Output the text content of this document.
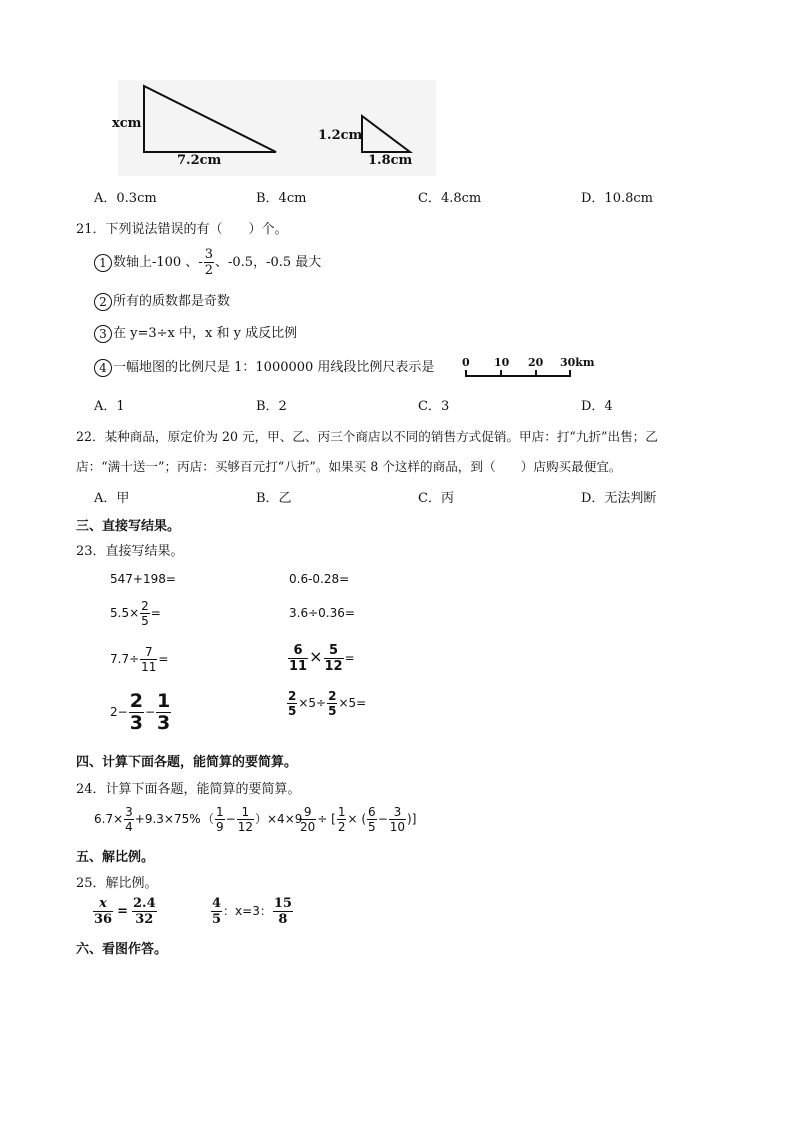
xcm
7.2cm
1.2cm
1.8cm
A．0.3cm	B．4cm	C．4.8cm	D．10.8cm
21．下列说法错误的有（　　）个。
1 数轴上-100 、- $\frac{3}{2}$ 、-0.5，-0.5 最大
2 所有的质数都是奇数
3 在 y=3÷x 中，x 和 y 成反比例
4 一幅地图的比例尺是 1：1000000 用线段比例尺表示是	0 10 20 30km
A．1	B．2	C．3	D．4
22．某种商品，原定价为 20 元，甲、乙、丙三个商店以不同的销售方式促销。甲店：打“九折”出售；乙
店：“满十送一”；丙店：买够百元打“八折”。如果买 8 个这样的商品，到（　　）店购买最便宜。
A．甲	B．乙	C．丙	D．无法判断
三、直接写结果。
23．直接写结果。
547+198=	0.6-0.28=
$5.5\times \frac{2}{5}$ =	3.6÷0.36=
$7.7\div \frac{7}{11}$ =	$\frac{6}{11} \times \frac{5}{12}$ =
$2- \frac{2}{3} - \frac{1}{3}$	$\frac{2}{5} \times 5\div \frac{2}{5} \times 5=$
四、计算下面各题，能简算的要简算。
24．计算下面各题，能简算的要简算。
$6.7\times \frac{3}{4} +9.3\times 75\%$ （ $\frac{1}{9} - \frac{1}{12} )\times 4\times 9$
$\frac{9}{20}$ ÷ [ $\frac{1}{2}$ × ( $\frac{6}{5} - \frac{3}{10}$ )]
五、解比例。
25．解比例。
$\frac{x}{36} = \frac{2.4}{32}$	$\frac{4}{5}$ ：x=3： $\frac{15}{8}$
六、看图作答。
